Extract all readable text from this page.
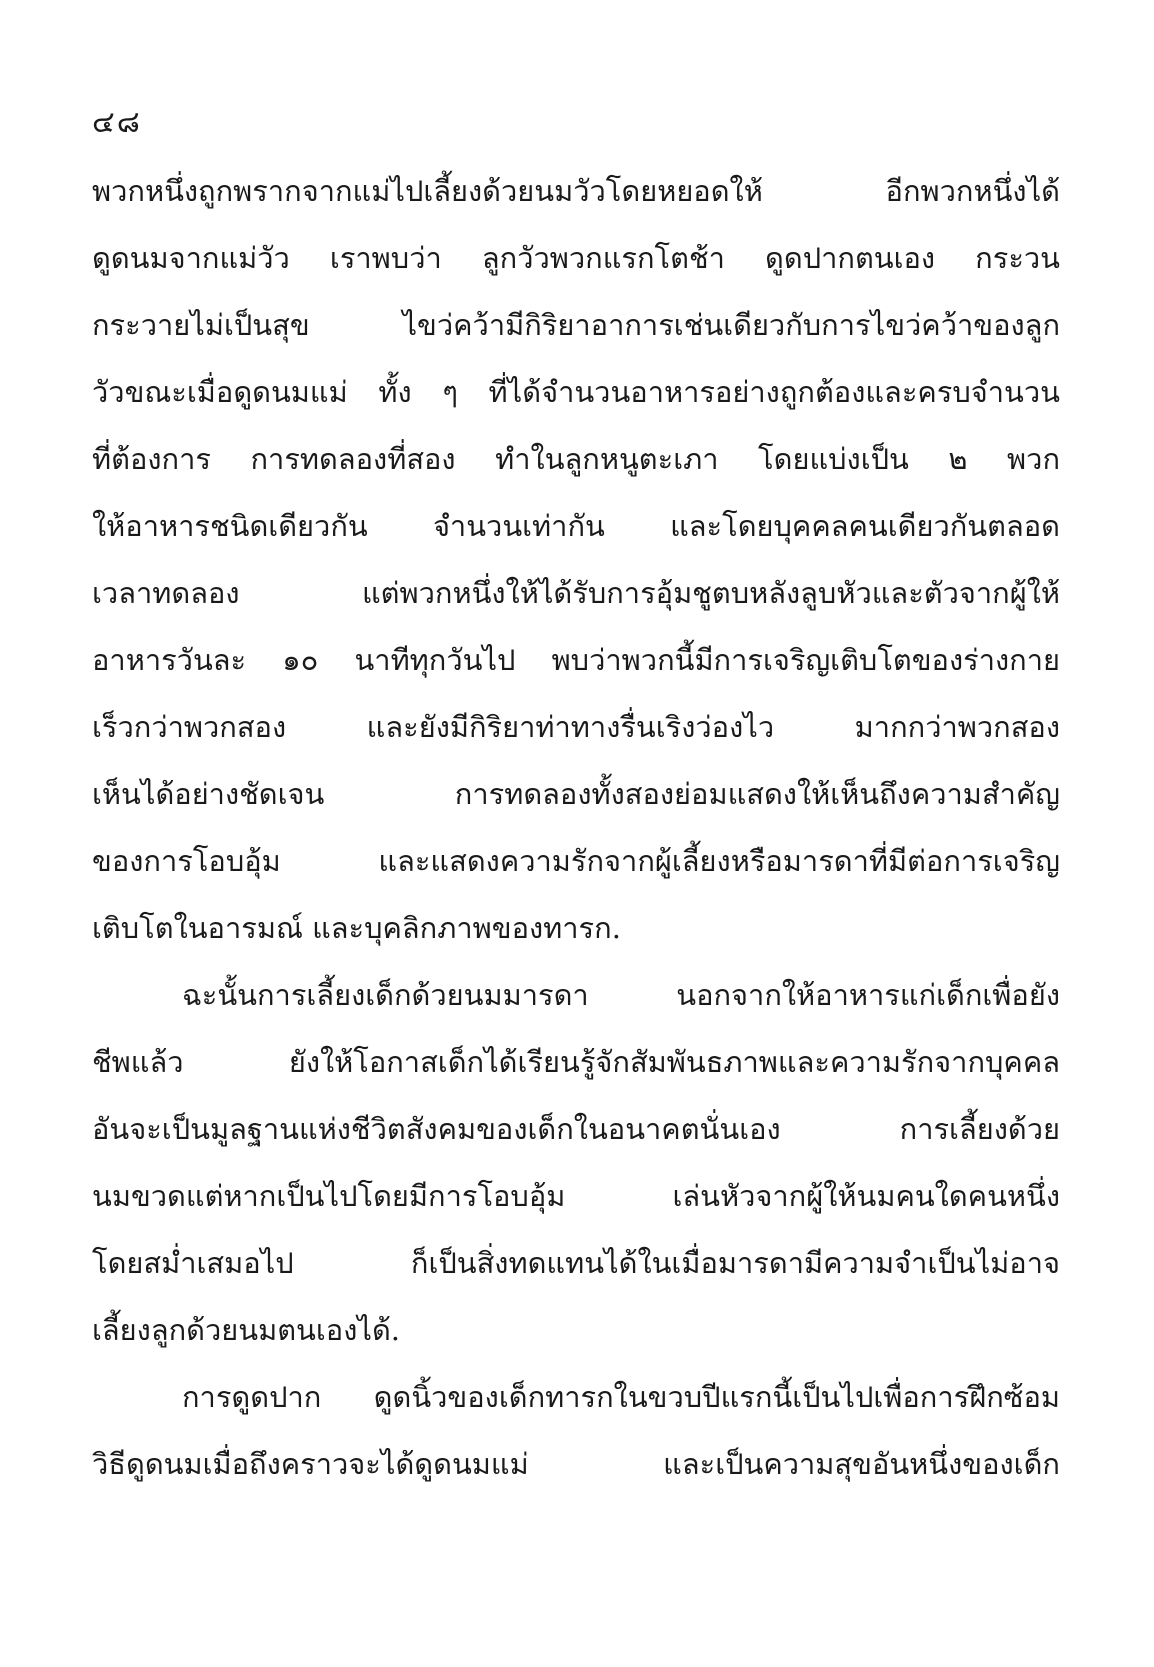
๔๘
พวกหนึ่งถูกพรากจากแม่ไปเลี้ยงด้วยนมวัวโดยหยอดให้ อีกพวกหนึ่งได้
ดูดนมจากแม่วัว เราพบว่า ลูกวัวพวกแรกโตช้า ดูดปากตนเอง กระวน
กระวายไม่เป็นสุข ไขว่คว้ามีกิริยาอาการเช่นเดียวกับการไขว่คว้าของลูก
วัวขณะเมื่อดูดนมแม่ ทั้ง ๆ ที่ได้จำนวนอาหารอย่างถูกต้องและครบจำนวน
ที่ต้องการ การทดลองที่สอง ทำในลูกหนูตะเภา โดยแบ่งเป็น ๒ พวก
ให้อาหารชนิดเดียวกัน จำนวนเท่ากัน และโดยบุคคลคนเดียวกันตลอด
เวลาทดลอง แต่พวกหนึ่งให้ได้รับการอุ้มชูตบหลังลูบหัวและตัวจากผู้ให้
อาหารวันละ ๑๐ นาทีทุกวันไป พบว่าพวกนี้มีการเจริญเติบโตของร่างกาย
เร็วกว่าพวกสอง และยังมีกิริยาท่าทางรื่นเริงว่องไว มากกว่าพวกสอง
เห็นได้อย่างชัดเจน การทดลองทั้งสองย่อมแสดงให้เห็นถึงความสำคัญ
ของการโอบอุ้ม และแสดงความรักจากผู้เลี้ยงหรือมารดาที่มีต่อการเจริญ
เติบโตในอารมณ์ และบุคลิกภาพของทารก.
ฉะนั้นการเลี้ยงเด็กด้วยนมมารดา นอกจากให้อาหารแก่เด็กเพื่อยัง
ชีพแล้ว ยังให้โอกาสเด็กได้เรียนรู้จักสัมพันธภาพและความรักจากบุคคล
อันจะเป็นมูลฐานแห่งชีวิตสังคมของเด็กในอนาคตนั่นเอง การเลี้ยงด้วย
นมขวดแต่หากเป็นไปโดยมีการโอบอุ้ม เล่นหัวจากผู้ให้นมคนใดคนหนึ่ง
โดยสม่ำเสมอไป ก็เป็นสิ่งทดแทนได้ในเมื่อมารดามีความจำเป็นไม่อาจ
เลี้ยงลูกด้วยนมตนเองได้.
การดูดปาก ดูดนิ้วของเด็กทารกในขวบปีแรกนี้เป็นไปเพื่อการฝึกซ้อม
วิธีดูดนมเมื่อถึงคราวจะได้ดูดนมแม่ และเป็นความสุขอันหนึ่งของเด็ก
